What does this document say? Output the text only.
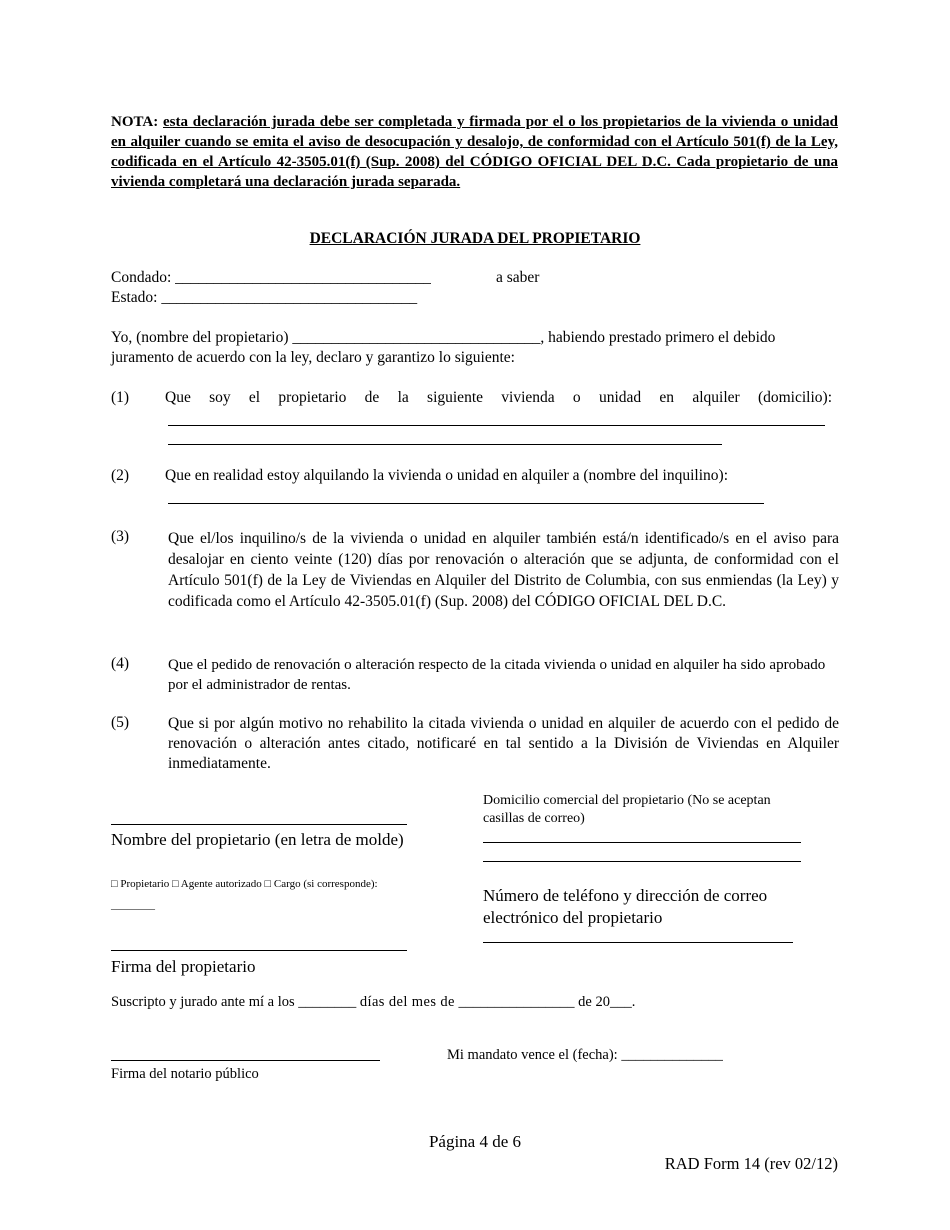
NOTA: esta declaración jurada debe ser completada y firmada por el o los propietarios de la vivienda o unidad en alquiler cuando se emita el aviso de desocupación y desalojo, de conformidad con el Artículo 501(f) de la Ley, codificada en el Artículo 42-3505.01(f) (Sup. 2008) del CÓDIGO OFICIAL DEL D.C. Cada propietario de una vivienda completará una declaración jurada separada.
DECLARACIÓN JURADA DEL PROPIETARIO
Condado: _________________________________	a saber
Estado: _________________________________
Yo, (nombre del propietario) ________________________________, habiendo prestado primero el debido juramento de acuerdo con la ley, declaro y garantizo lo siguiente:
(1) Que soy el propietario de la siguiente vivienda o unidad en alquiler (domicilio):
(2) Que en realidad estoy alquilando la vivienda o unidad en alquiler a (nombre del inquilino):
(3)	Que el/los inquilino/s de la vivienda o unidad en alquiler también está/n identificado/s en el aviso para desalojar en ciento veinte (120) días por renovación o alteración que se adjunta, de conformidad con el Artículo 501(f) de la Ley de Viviendas en Alquiler del Distrito de Columbia, con sus enmiendas (la Ley) y codificada como el Artículo 42-3505.01(f) (Sup. 2008) del CÓDIGO OFICIAL DEL D.C.
(4)	Que el pedido de renovación o alteración respecto de la citada vivienda o unidad en alquiler ha sido aprobado por el administrador de rentas.
(5)	Que si por algún motivo no rehabilito la citada vivienda o unidad en alquiler de acuerdo con el pedido de renovación o alteración antes citado, notificaré en tal sentido a la División de Viviendas en Alquiler inmediatamente.
Nombre del propietario (en letra de molde)
□ Propietario □ Agente autorizado □ Cargo (si corresponde):
________
Firma del propietario
Domicilio comercial del propietario (No se aceptan casillas de correo)
Número de teléfono y dirección de correo electrónico del propietario
Suscripto y jurado ante mí a los ________ días del mes de ________________ de 20___.
Firma del notario público
Mi mandato vence el (fecha): ______________
Página 4 de 6
RAD Form 14 (rev 02/12)
